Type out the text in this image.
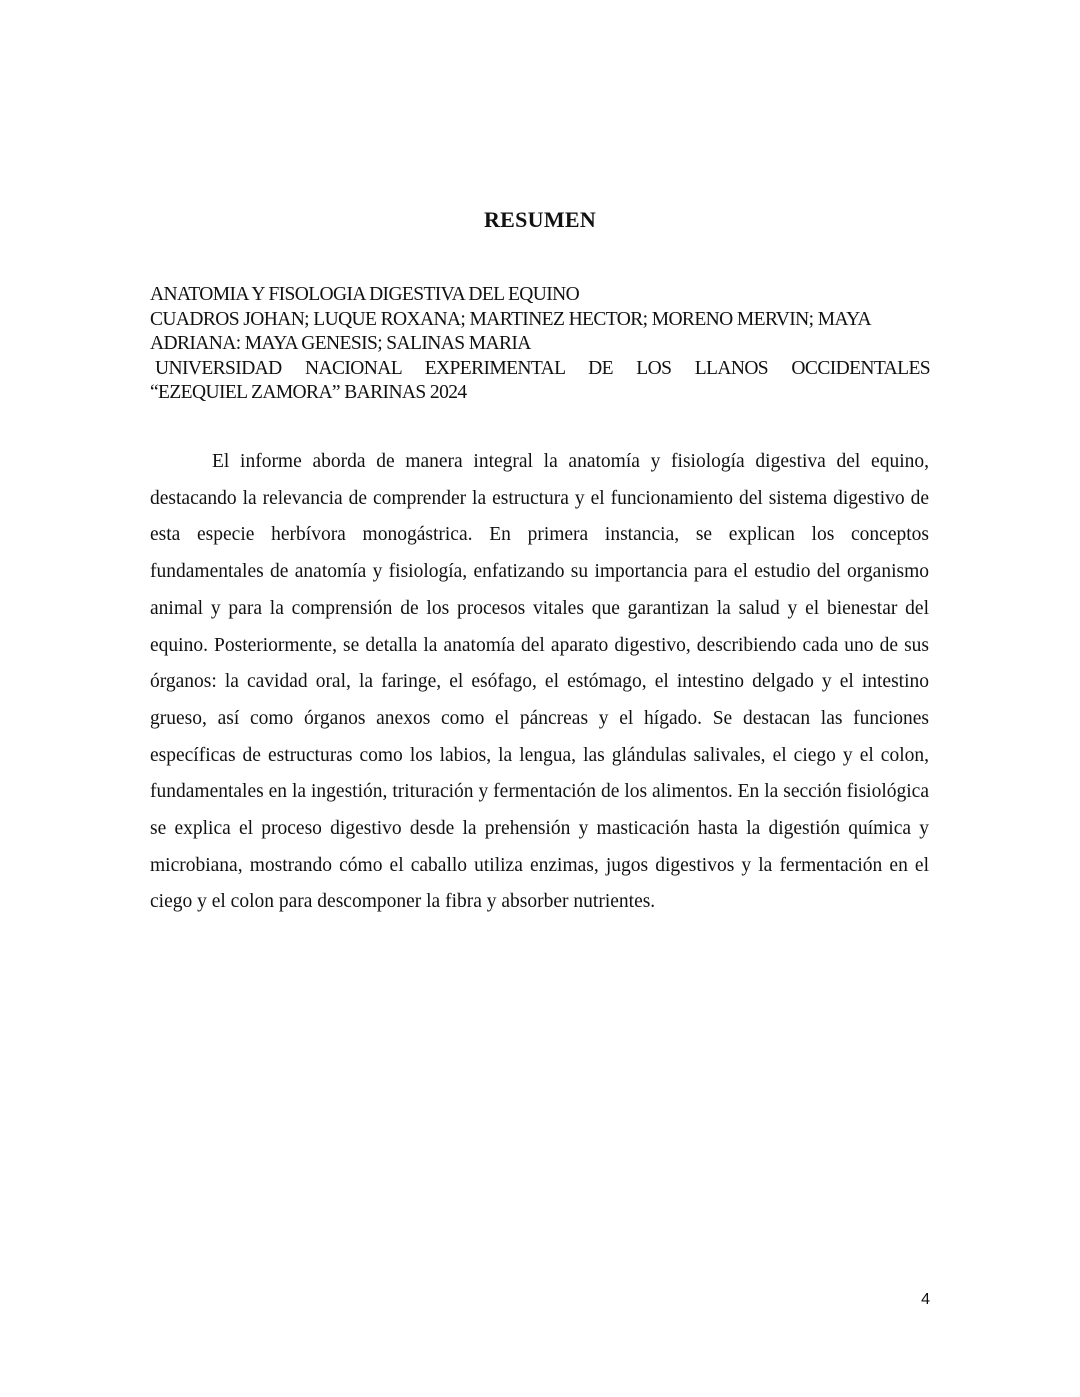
RESUMEN
ANATOMIA Y FISOLOGIA DIGESTIVA DEL EQUINO
CUADROS JOHAN; LUQUE ROXANA; MARTINEZ HECTOR; MORENO MERVIN; MAYA
ADRIANA: MAYA GENESIS; SALINAS MARIA
UNIVERSIDAD NACIONAL EXPERIMENTAL DE LOS LLANOS OCCIDENTALES
“EZEQUIEL ZAMORA” BARINAS 2024

El informe aborda de manera integral la anatomía y fisiología digestiva del equino, destacando la relevancia de comprender la estructura y el funcionamiento del sistema digestivo de esta especie herbívora monogástrica. En primera instancia, se explican los conceptos fundamentales de anatomía y fisiología, enfatizando su importancia para el estudio del organismo animal y para la comprensión de los procesos vitales que garantizan la salud y el bienestar del equino. Posteriormente, se detalla la anatomía del aparato digestivo, describiendo cada uno de sus órganos: la cavidad oral, la faringe, el esófago, el estómago, el intestino delgado y el intestino grueso, así como órganos anexos como el páncreas y el hígado. Se destacan las funciones específicas de estructuras como los labios, la lengua, las glándulas salivales, el ciego y el colon, fundamentales en la ingestión, trituración y fermentación de los alimentos. En la sección fisiológica se explica el proceso digestivo desde la prehensión y masticación hasta la digestión química y microbiana, mostrando cómo el caballo utiliza enzimas, jugos digestivos y la fermentación en el ciego y el colon para descomponer la fibra y absorber nutrientes.

4
